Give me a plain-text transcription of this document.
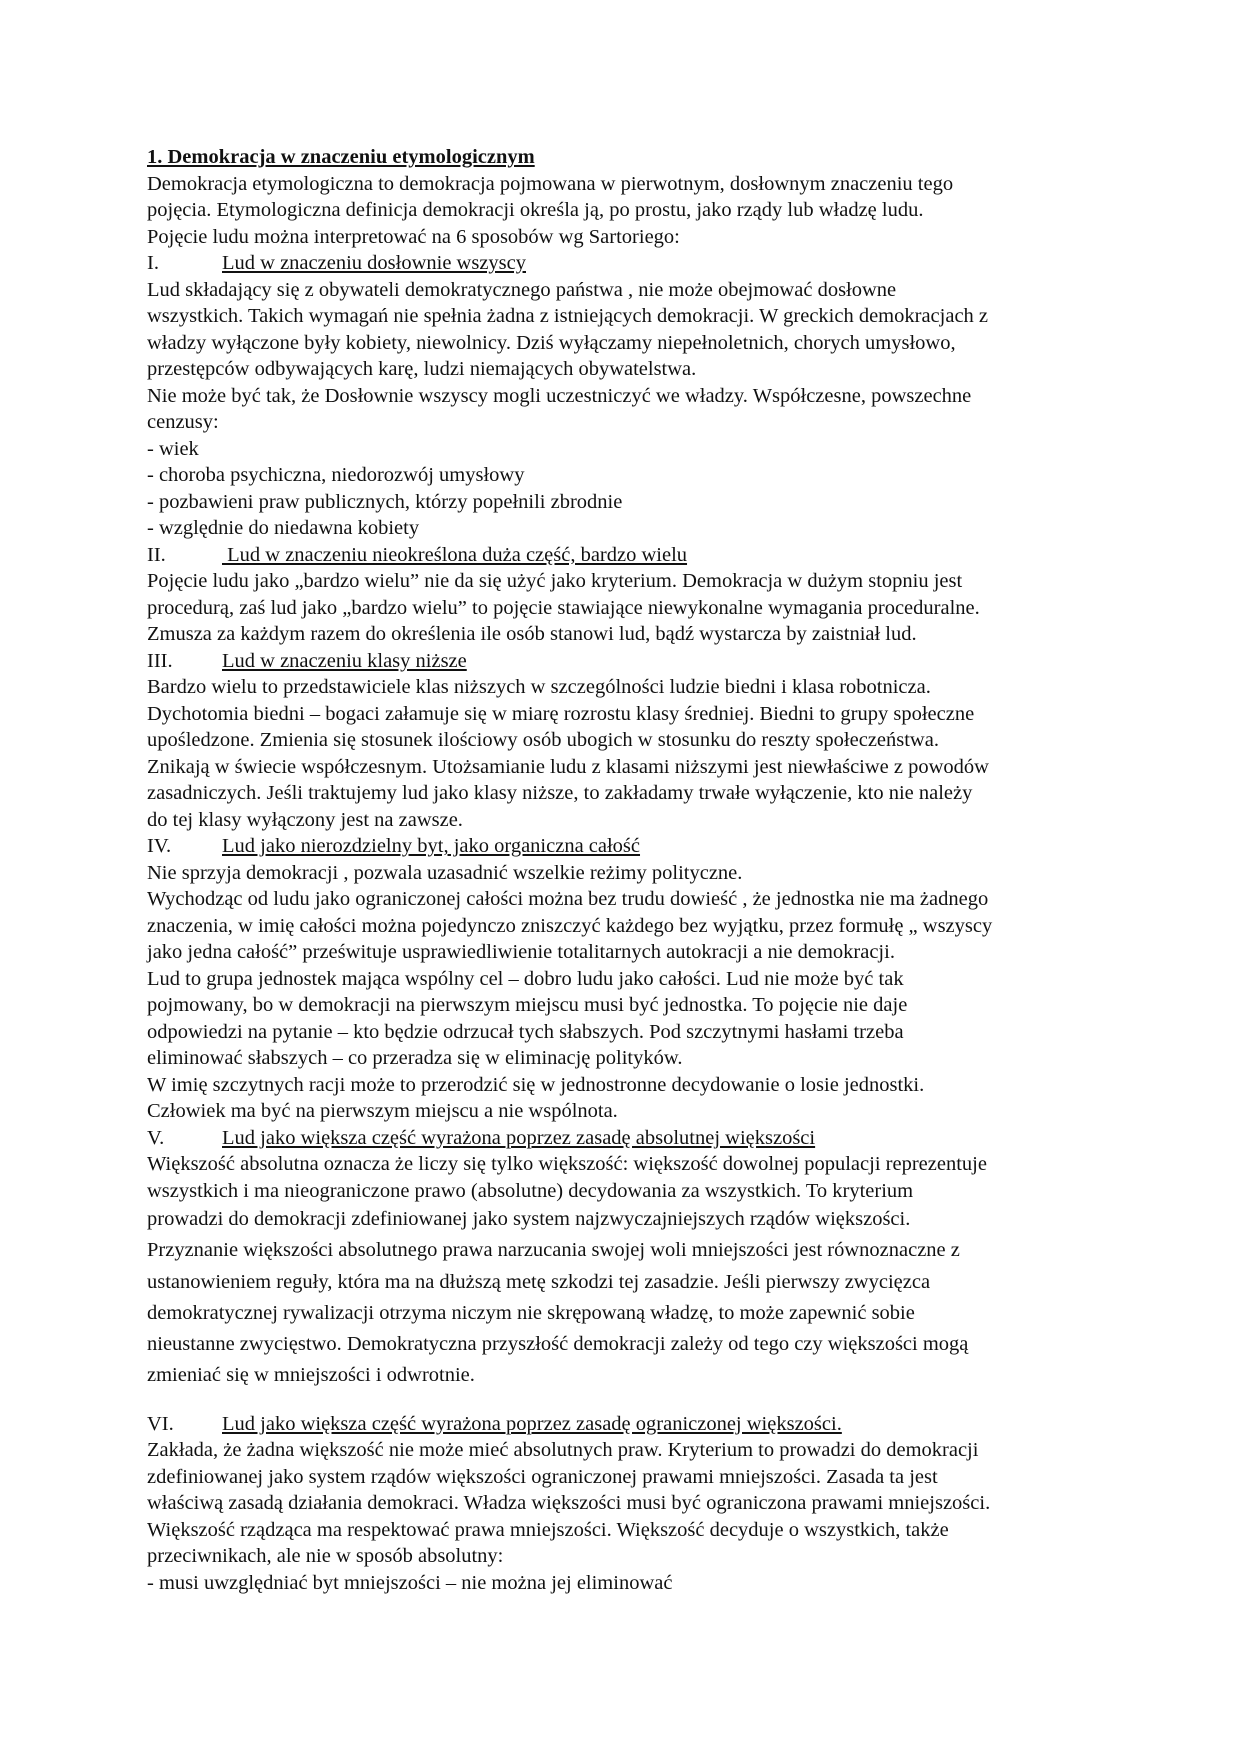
1. Demokracja w znaczeniu etymologicznym

Demokracja etymologiczna to demokracja pojmowana w pierwotnym, dosłownym znaczeniu tego

pojęcia. Etymologiczna definicja demokracji określa ją, po prostu, jako rządy lub władzę ludu.

Pojęcie ludu można interpretować na 6 sposobów wg Sartoriego:

I.	Lud w znaczeniu dosłownie wszyscy

Lud składający się z obywateli demokratycznego państwa , nie może obejmować dosłowne

wszystkich. Takich wymagań nie spełnia żadna z istniejących demokracji. W greckich demokracjach z

władzy wyłączone były kobiety, niewolnicy. Dziś wyłączamy niepełnoletnich, chorych umysłowo,

przestępców odbywających karę, ludzi niemających obywatelstwa.

Nie może być tak, że Dosłownie wszyscy mogli uczestniczyć we władzy. Współczesne, powszechne

cenzusy:

- wiek

- choroba psychiczna, niedorozwój umysłowy

- pozbawieni praw publicznych, którzy popełnili zbrodnie

- względnie do niedawna kobiety

II.	Lud w znaczeniu nieokreślona duża część, bardzo wielu

Pojęcie ludu jako „bardzo wielu” nie da się użyć jako kryterium. Demokracja w dużym stopniu jest

procedurą, zaś lud jako „bardzo wielu” to pojęcie stawiające niewykonalne wymagania proceduralne.

Zmusza za każdym razem do określenia ile osób stanowi lud, bądź wystarcza by zaistniał lud.

III.	Lud w znaczeniu klasy niższe

Bardzo wielu to przedstawiciele klas niższych w szczególności ludzie biedni i klasa robotnicza.

Dychotomia biedni – bogaci załamuje się w miarę rozrostu klasy średniej. Biedni to grupy społeczne

upośledzone. Zmienia się stosunek ilościowy osób ubogich w stosunku do reszty społeczeństwa.

Znikają w świecie współczesnym. Utożsamianie ludu z klasami niższymi jest niewłaściwe z powodów

zasadniczych. Jeśli traktujemy lud jako klasy niższe, to zakładamy trwałe wyłączenie, kto nie należy

do tej klasy wyłączony jest na zawsze.

IV.	Lud jako nierozdzielny byt, jako organiczna całość

Nie sprzyja demokracji , pozwala uzasadnić wszelkie reżimy polityczne.

Wychodząc od ludu jako ograniczonej całości można bez trudu dowieść , że jednostka nie ma żadnego

znaczenia, w imię całości można pojedynczo zniszczyć każdego bez wyjątku, przez formułę „ wszyscy

jako jedna całość” prześwituje usprawiedliwienie totalitarnych autokracji a nie demokracji.

Lud to grupa jednostek mająca wspólny cel – dobro ludu jako całości. Lud nie może być tak

pojmowany, bo w demokracji na pierwszym miejscu musi być jednostka. To pojęcie nie daje

odpowiedzi na pytanie – kto będzie odrzucał tych słabszych. Pod szczytnymi hasłami trzeba

eliminować słabszych – co przeradza się w eliminację polityków.

W imię szczytnych racji może to przerodzić się w jednostronne decydowanie o losie jednostki.

Człowiek ma być na pierwszym miejscu a nie wspólnota.

V.	Lud jako większa część wyrażona poprzez zasadę absolutnej większości

Większość absolutna oznacza że liczy się tylko większość: większość dowolnej populacji reprezentuje

wszystkich i ma nieograniczone prawo (absolutne) decydowania za wszystkich. To kryterium

prowadzi do demokracji zdefiniowanej jako system najzwyczajniejszych rządów większości.

Przyznanie większości absolutnego prawa narzucania swojej woli mniejszości jest równoznaczne z

ustanowieniem reguły, która ma na dłuższą metę szkodzi tej zasadzie. Jeśli pierwszy zwycięzca

demokratycznej rywalizacji otrzyma niczym nie skrępowaną władzę, to może zapewnić sobie

nieustanne zwycięstwo. Demokratyczna przyszłość demokracji zależy od tego czy większości mogą

zmieniać się w mniejszości i odwrotnie.

VI.	Lud jako większa część wyrażona poprzez zasadę ograniczonej większości.

Zakłada, że żadna większość nie może mieć absolutnych praw. Kryterium to prowadzi do demokracji

zdefiniowanej jako system rządów większości ograniczonej prawami mniejszości. Zasada ta jest

właściwą zasadą działania demokraci. Władza większości musi być ograniczona prawami mniejszości.

Większość rządząca ma respektować prawa mniejszości. Większość decyduje o wszystkich, także

przeciwnikach, ale nie w sposób absolutny:

- musi uwzględniać byt mniejszości – nie można jej eliminować
